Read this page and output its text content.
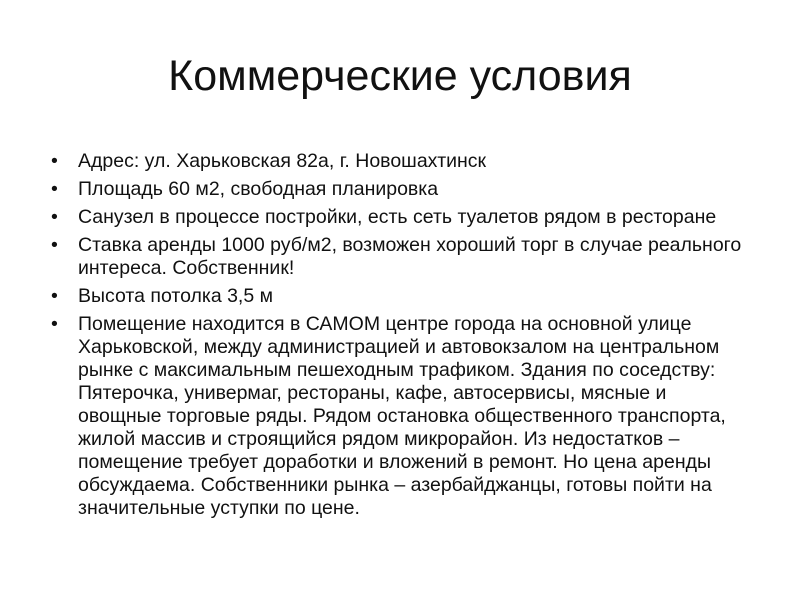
Коммерческие условия
• Адрес: ул. Харьковская 82а, г. Новошахтинск
• Площадь 60 м2, свободная планировка
• Санузел в процессе постройки, есть сеть туалетов рядом в ресторане
• Ставка аренды 1000 руб/м2, возможен хороший торг в случае реального интереса. Собственник!
• Высота потолка 3,5 м
• Помещение находится в САМОМ центре города на основной улице Харьковской, между администрацией и автовокзалом на центральном рынке с максимальным пешеходным трафиком. Здания по соседству: Пятерочка, универмаг, рестораны, кафе, автосервисы, мясные и овощные торговые ряды. Рядом остановка общественного транспорта, жилой массив и строящийся рядом микрорайон. Из недостатков – помещение требует доработки и вложений в ремонт. Но цена аренды обсуждаема. Собственники рынка – азербайджанцы, готовы пойти на значительные уступки по цене.
